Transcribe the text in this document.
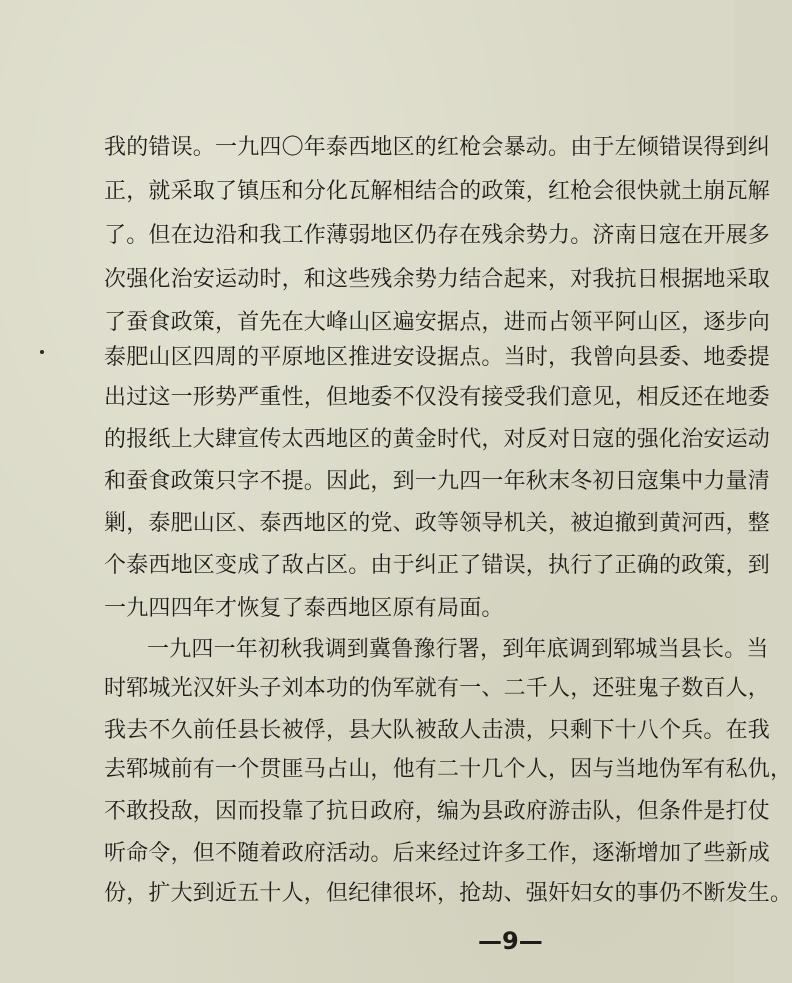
我的错误。一九四〇年泰西地区的红枪会暴动。由于左倾错误得到纠
正，就采取了镇压和分化瓦解相结合的政策，红枪会很快就土崩瓦解
了。但在边沿和我工作薄弱地区仍存在残余势力。济南日寇在开展多
次强化治安运动时，和这些残余势力结合起来，对我抗日根据地采取
了蚕食政策，首先在大峰山区遍安据点，进而占领平阿山区，逐步向
泰肥山区四周的平原地区推进安设据点。当时，我曾向县委、地委提
出过这一形势严重性，但地委不仅没有接受我们意见，相反还在地委
的报纸上大肆宣传太西地区的黄金时代，对反对日寇的强化治安运动
和蚕食政策只字不提。因此，到一九四一年秋末冬初日寇集中力量清
剿，泰肥山区、泰西地区的党、政等领导机关，被迫撤到黄河西，整
个泰西地区变成了敌占区。由于纠正了错误，执行了正确的政策，到
一九四四年才恢复了泰西地区原有局面。
一九四一年初秋我调到冀鲁豫行署，到年底调到郓城当县长。当
时郓城光汉奸头子刘本功的伪军就有一、二千人，还驻鬼子数百人，
我去不久前任县长被俘，县大队被敌人击溃，只剩下十八个兵。在我
去郓城前有一个贯匪马占山，他有二十几个人，因与当地伪军有私仇，
不敢投敌，因而投靠了抗日政府，编为县政府游击队，但条件是打仗
听命令，但不随着政府活动。后来经过许多工作，逐渐增加了些新成
份，扩大到近五十人，但纪律很坏，抢劫、强奸妇女的事仍不断发生。
—9—
